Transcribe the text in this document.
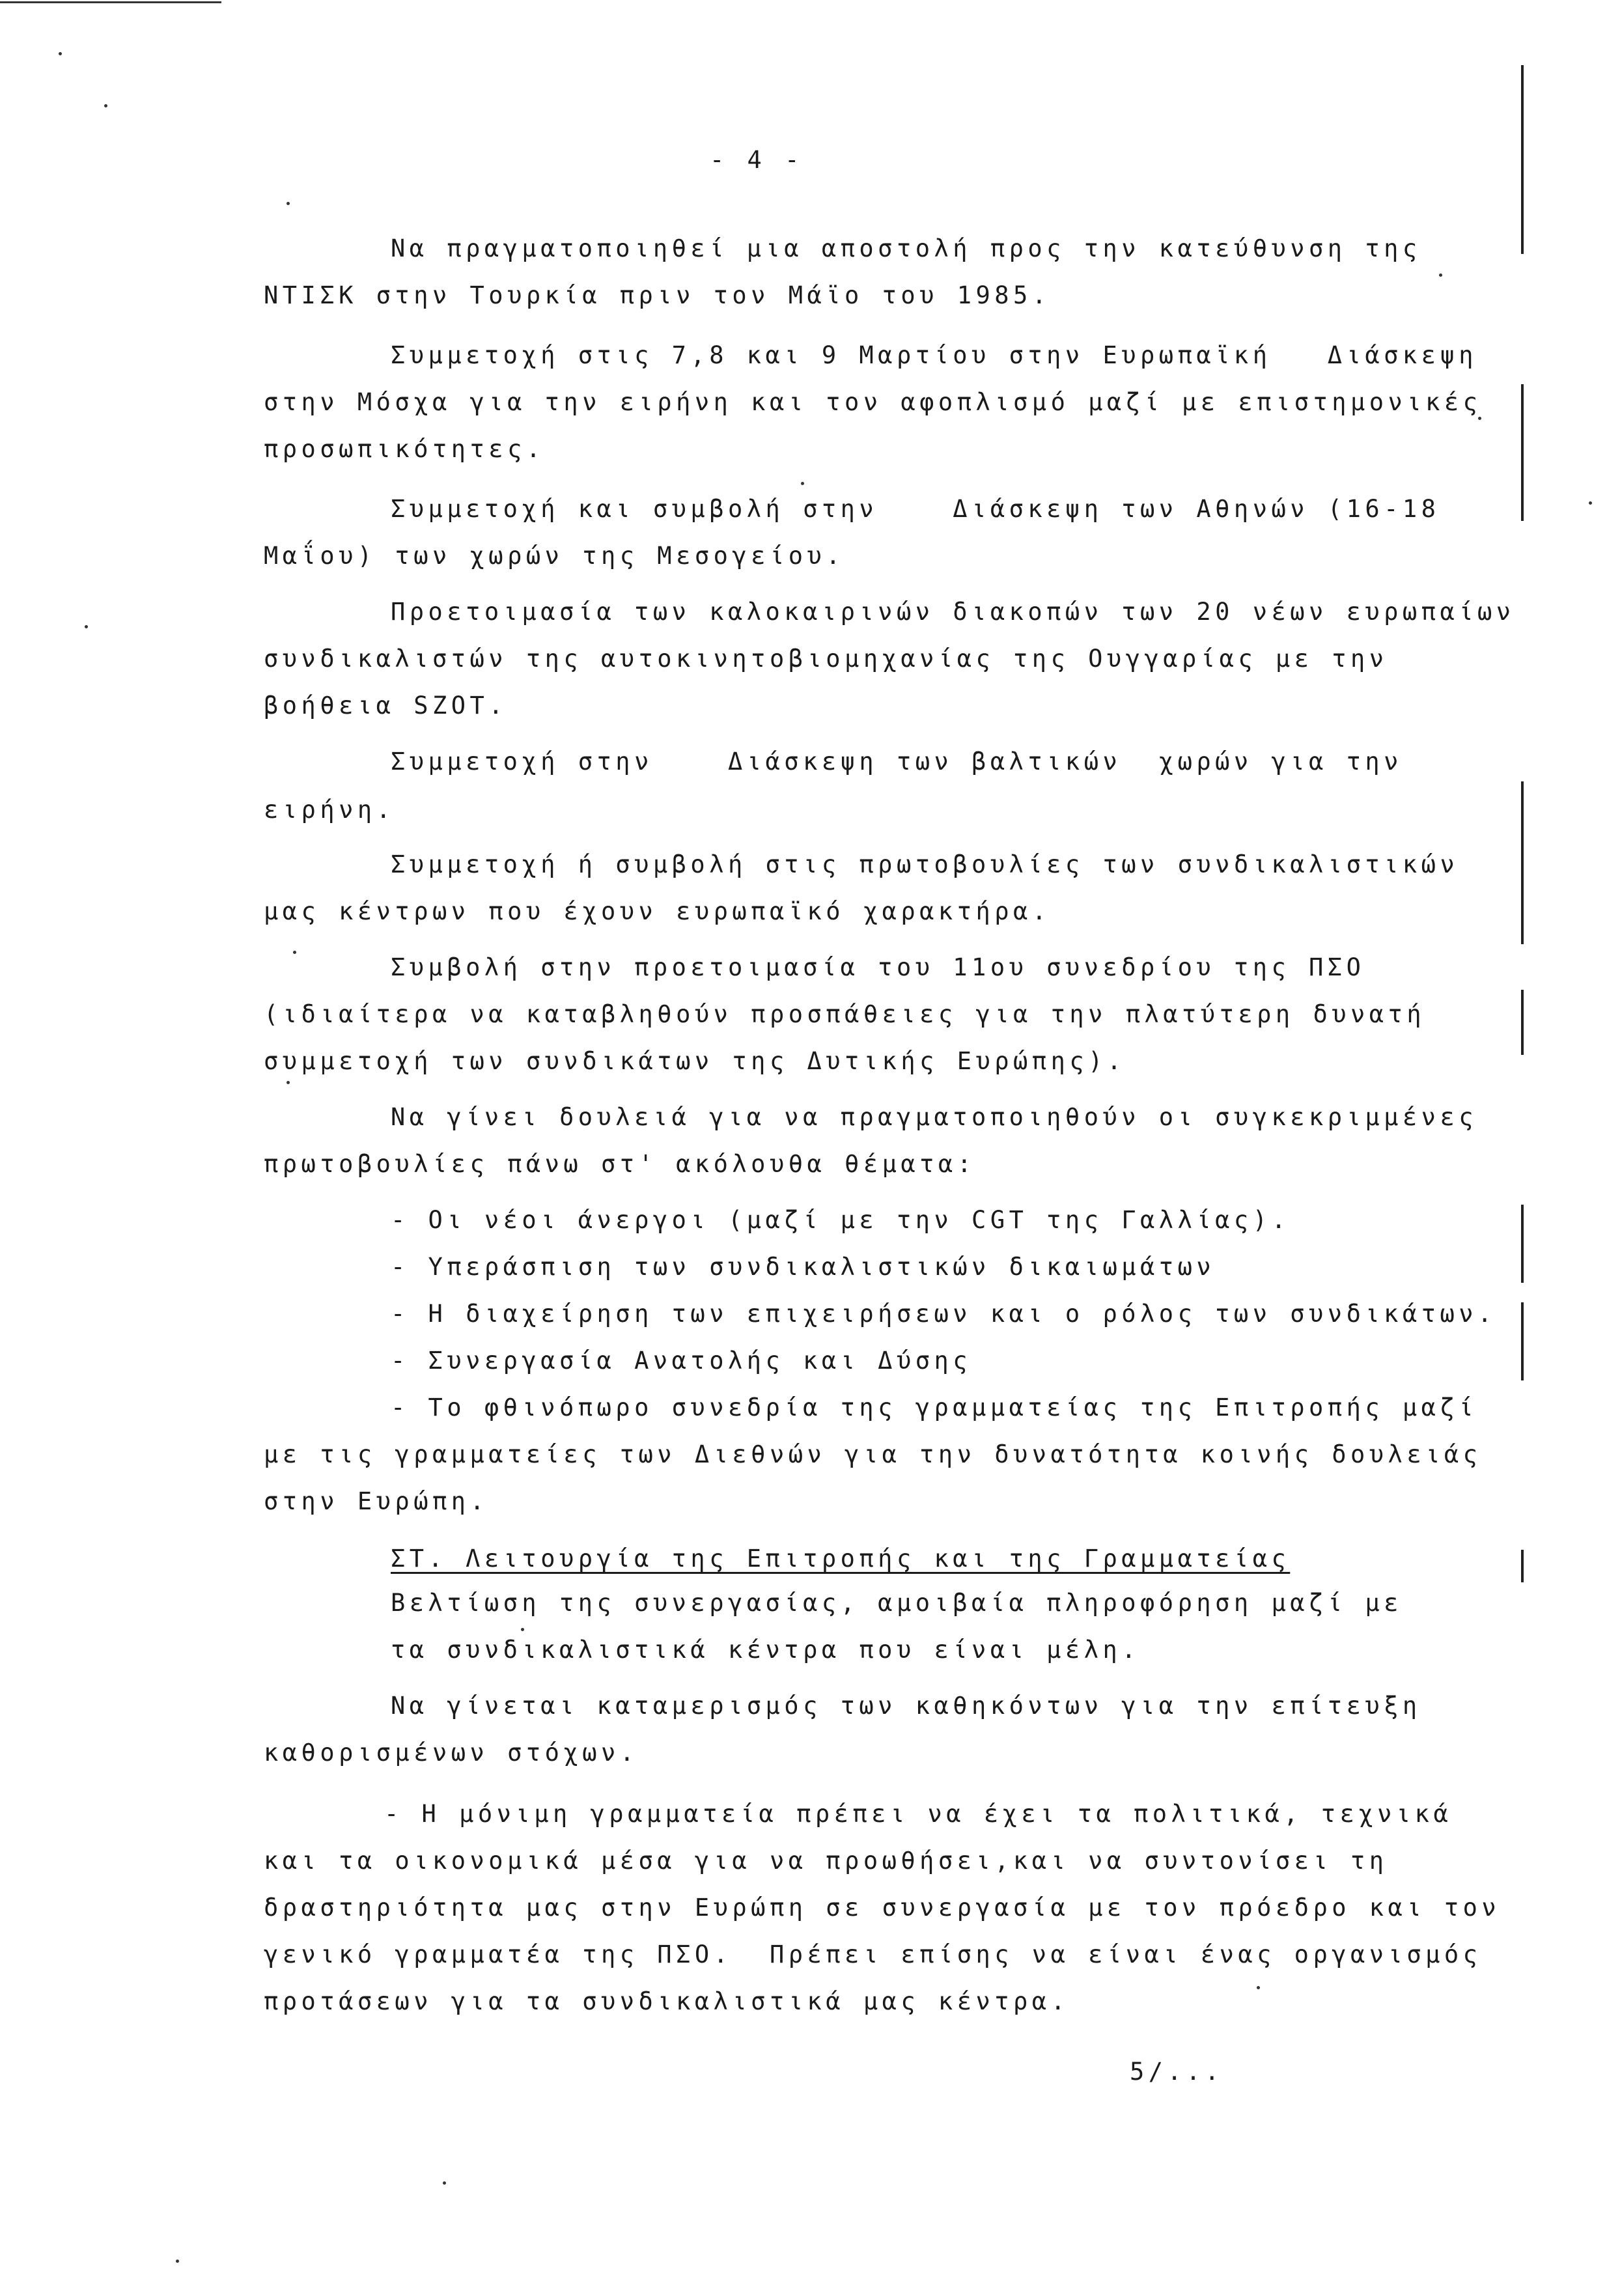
- 4 -
Να πραγματοποιηθεί μια αποστολή προς την κατεύθυνση της
ΝΤΙΣΚ στην Τουρκία πριν τον Μάϊο του 1985.
Συμμετοχή στις 7,8 και 9 Μαρτίου στην Ευρωπαϊκή   Διάσκεψη
στην Μόσχα για την ειρήνη και τον αφοπλισμό μαζί με επιστημονικές
προσωπικότητες.
Συμμετοχή και συμβολή στην    Διάσκεψη των Αθηνών (16-18
Μαΐου) των χωρών της Μεσογείου.
Προετοιμασία των καλοκαιρινών διακοπών των 20 νέων ευρωπαίων
συνδικαλιστών της αυτοκινητοβιομηχανίας της Ουγγαρίας με την
βοήθεια SZOT.
Συμμετοχή στην    Διάσκεψη των βαλτικών  χωρών για την
ειρήνη.
Συμμετοχή ή συμβολή στις πρωτοβουλίες των συνδικαλιστικών
μας κέντρων που έχουν ευρωπαϊκό χαρακτήρα.
Συμβολή στην προετοιμασία του 11ου συνεδρίου της ΠΣΟ
(ιδιαίτερα να καταβληθούν προσπάθειες για την πλατύτερη δυνατή
συμμετοχή των συνδικάτων της Δυτικής Ευρώπης).
Να γίνει δουλειά για να πραγματοποιηθούν οι συγκεκριμμένες
πρωτοβουλίες πάνω στ' ακόλουθα θέματα:
- Οι νέοι άνεργοι (μαζί με την CGT της Γαλλίας).
- Υπεράσπιση των συνδικαλιστικών δικαιωμάτων
- Η διαχείρηση των επιχειρήσεων και ο ρόλος των συνδικάτων.
- Συνεργασία Ανατολής και Δύσης
- Το φθινόπωρο συνεδρία της γραμματείας της Επιτροπής μαζί
με τις γραμματείες των Διεθνών για την δυνατότητα κοινής δουλειάς
στην Ευρώπη.
ΣΤ. Λειτουργία της Επιτροπής και της Γραμματείας
Βελτίωση της συνεργασίας, αμοιβαία πληροφόρηση μαζί με
τα συνδικαλιστικά κέντρα που είναι μέλη.
Να γίνεται καταμερισμός των καθηκόντων για την επίτευξη
καθορισμένων στόχων.
- Η μόνιμη γραμματεία πρέπει να έχει τα πολιτικά, τεχνικά
και τα οικονομικά μέσα για να προωθήσει,και να συντονίσει τη
δραστηριότητα μας στην Ευρώπη σε συνεργασία με τον πρόεδρο και τον
γενικό γραμματέα της ΠΣΟ.  Πρέπει επίσης να είναι ένας οργανισμός
προτάσεων για τα συνδικαλιστικά μας κέντρα.
5/...
